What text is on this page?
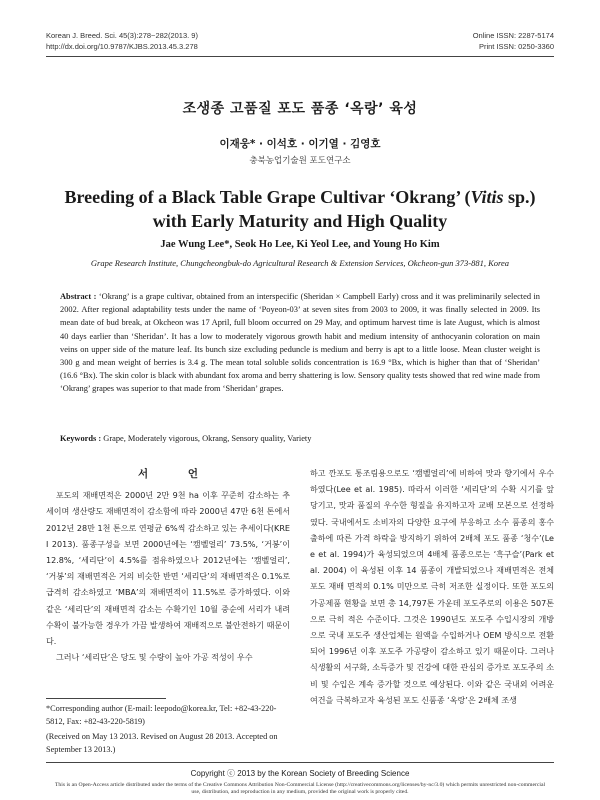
Korean J. Breed. Sci. 45(3):278~282(2013. 9)
http://dx.doi.org/10.9787/KJBS.2013.45.3.278
Online ISSN: 2287-5174
Print ISSN: 0250-3360
조생종 고품질 포도 품종 ‘옥랑’ 육성
이재웅* · 이석호 · 이기열 · 김영호
충북농업기술원 포도연구소
Breeding of a Black Table Grape Cultivar ‘Okrang’ (Vitis sp.)
with Early Maturity and High Quality
Jae Wung Lee*, Seok Ho Lee, Ki Yeol Lee, and Young Ho Kim
Grape Research Institute, Chungcheongbuk-do Agricultural Research & Extension Services, Okcheon-gun 373-881, Korea
Abstract : ‘Okrang’ is a grape cultivar, obtained from an interspecific (Sheridan × Campbell Early) cross and it was preliminarily selected in 2002. After regional adaptability tests under the name of ‘Poyeon-03’ at seven sites from 2003 to 2009, it was finally selected in 2009. Its mean date of bud break, at Okcheon was 17 April, full bloom occurred on 29 May, and optimum harvest time is late August, which is almost 40 days earlier than ‘Sheridan’. It has a low to moderately vigorous growth habit and medium intensity of anthocyanin coloration on main veins on upper side of the mature leaf. Its bunch size excluding peduncle is medium and berry is apt to a little loose. Mean cluster weight is 300 g and mean weight of berries is 3.4 g. The mean total soluble solids concentration is 16.9 °Bx, which is higher than that of ‘Sheridan’ (16.6 °Bx). The skin color is black with abundant fox aroma and berry shattering is low. Sensory quality tests showed that red wine made from ‘Okrang’ grapes was superior to that made from ‘Sheridan’ grapes.
Keywords : Grape, Moderately vigorous, Okrang, Sensory quality, Variety
서 언

포도의 재배면적은 2000년 2만 9천 ha 이후 꾸준히 감소하는 추세이며 생산량도 재배면적이 감소함에 따라 2000년 47만 6천 톤에서 2012년 28만 1천 톤으로 연평균 6%씩 감소하고 있는 추세이다(KREI 2013). 품종구성을 보면 2000년에는 ‘캠벨얼리’ 73.5%, ‘거봉’이 12.8%, ‘세리단’이 4.5%를 점유하였으나 2012년에는 ‘캠벨얼리’, ‘거봉’의 재배면적은 거의 비슷한 반면 ‘세리단’의 재배면적은 0.1%로 급격히 감소하였고 ‘MBA’의 재배면적이 11.5%로 증가하였다. 이와 같은 ‘세리단’의 재배면적 감소는 수확기인 10월 중순에 서리가 내려 수확이 불가능한 경우가 가끔 발생하여 재배적으로 불안전하기 때문이다.

그러나 ‘세리단’은 당도 및 수량이 높아 가공 적성이 우수

하고 깐포도 통조림용으로도 ‘캠벨얼리’에 비하여 맛과 향기에서 우수하였다(Lee et al. 1985). 따라서 이러한 ‘세리단’의 수확 시기를 앞당기고, 맛과 품질의 우수한 형질을 유지하고자 교배 모본으로 선정하였다. 국내에서도 소비자의 다양한 요구에 부응하고 소수 품종의 홍수 출하에 따른 가격 하락을 방지하기 위하여 2배체 포도 품종 ‘청수’(Lee et al. 1994)가 육성되었으며 4배체 품종으로는 ‘흑구슬’(Park et al. 2004) 이 육성된 이후 14 품종이 개발되었으나 재배면적은 전체 포도 재배 면적의 0.1% 미만으로 극히 저조한 실정이다. 또한 포도의 가공제품 현황을 보면 총 14,797톤 가운데 포도주로의 이용은 507톤으로 극히 적은 수준이다. 그것은 1990년도 포도주 수입시장의 개방으로 국내 포도주 생산업체는 원액을 수입하거나 OEM 방식으로 전환되어 1996년 이후 포도주 가공량이 감소하고 있기 때문이다. 그러나 식생활의 서구화, 소득증가 및 건강에 대한 관심의 증가로 포도주의 소비 및 수입은 계속 증가할 것으로 예상된다. 이와 같은 국내외 어려운 여건을 극복하고자 육성된 포도 신품종 ‘옥랑’은 2배체 조생

*Corresponding author (E-mail: leepodo@korea.kr, Tel: +82-43-220-5812, Fax: +82-43-220-5819)
(Received on May 13 2013. Revised on August 28 2013. Accepted on September 13 2013.)
Copyright ⓒ 2013 by the Korean Society of Breeding Science
This is an Open-Access article distributed under the terms of the Creative Commons Attribution Non-Commercial License (http://creativecommons.org/licenses/by-nc/3.0) which permits unrestricted non-commercial use, distribution, and reproduction in any medium, provided the original work is properly cited.
